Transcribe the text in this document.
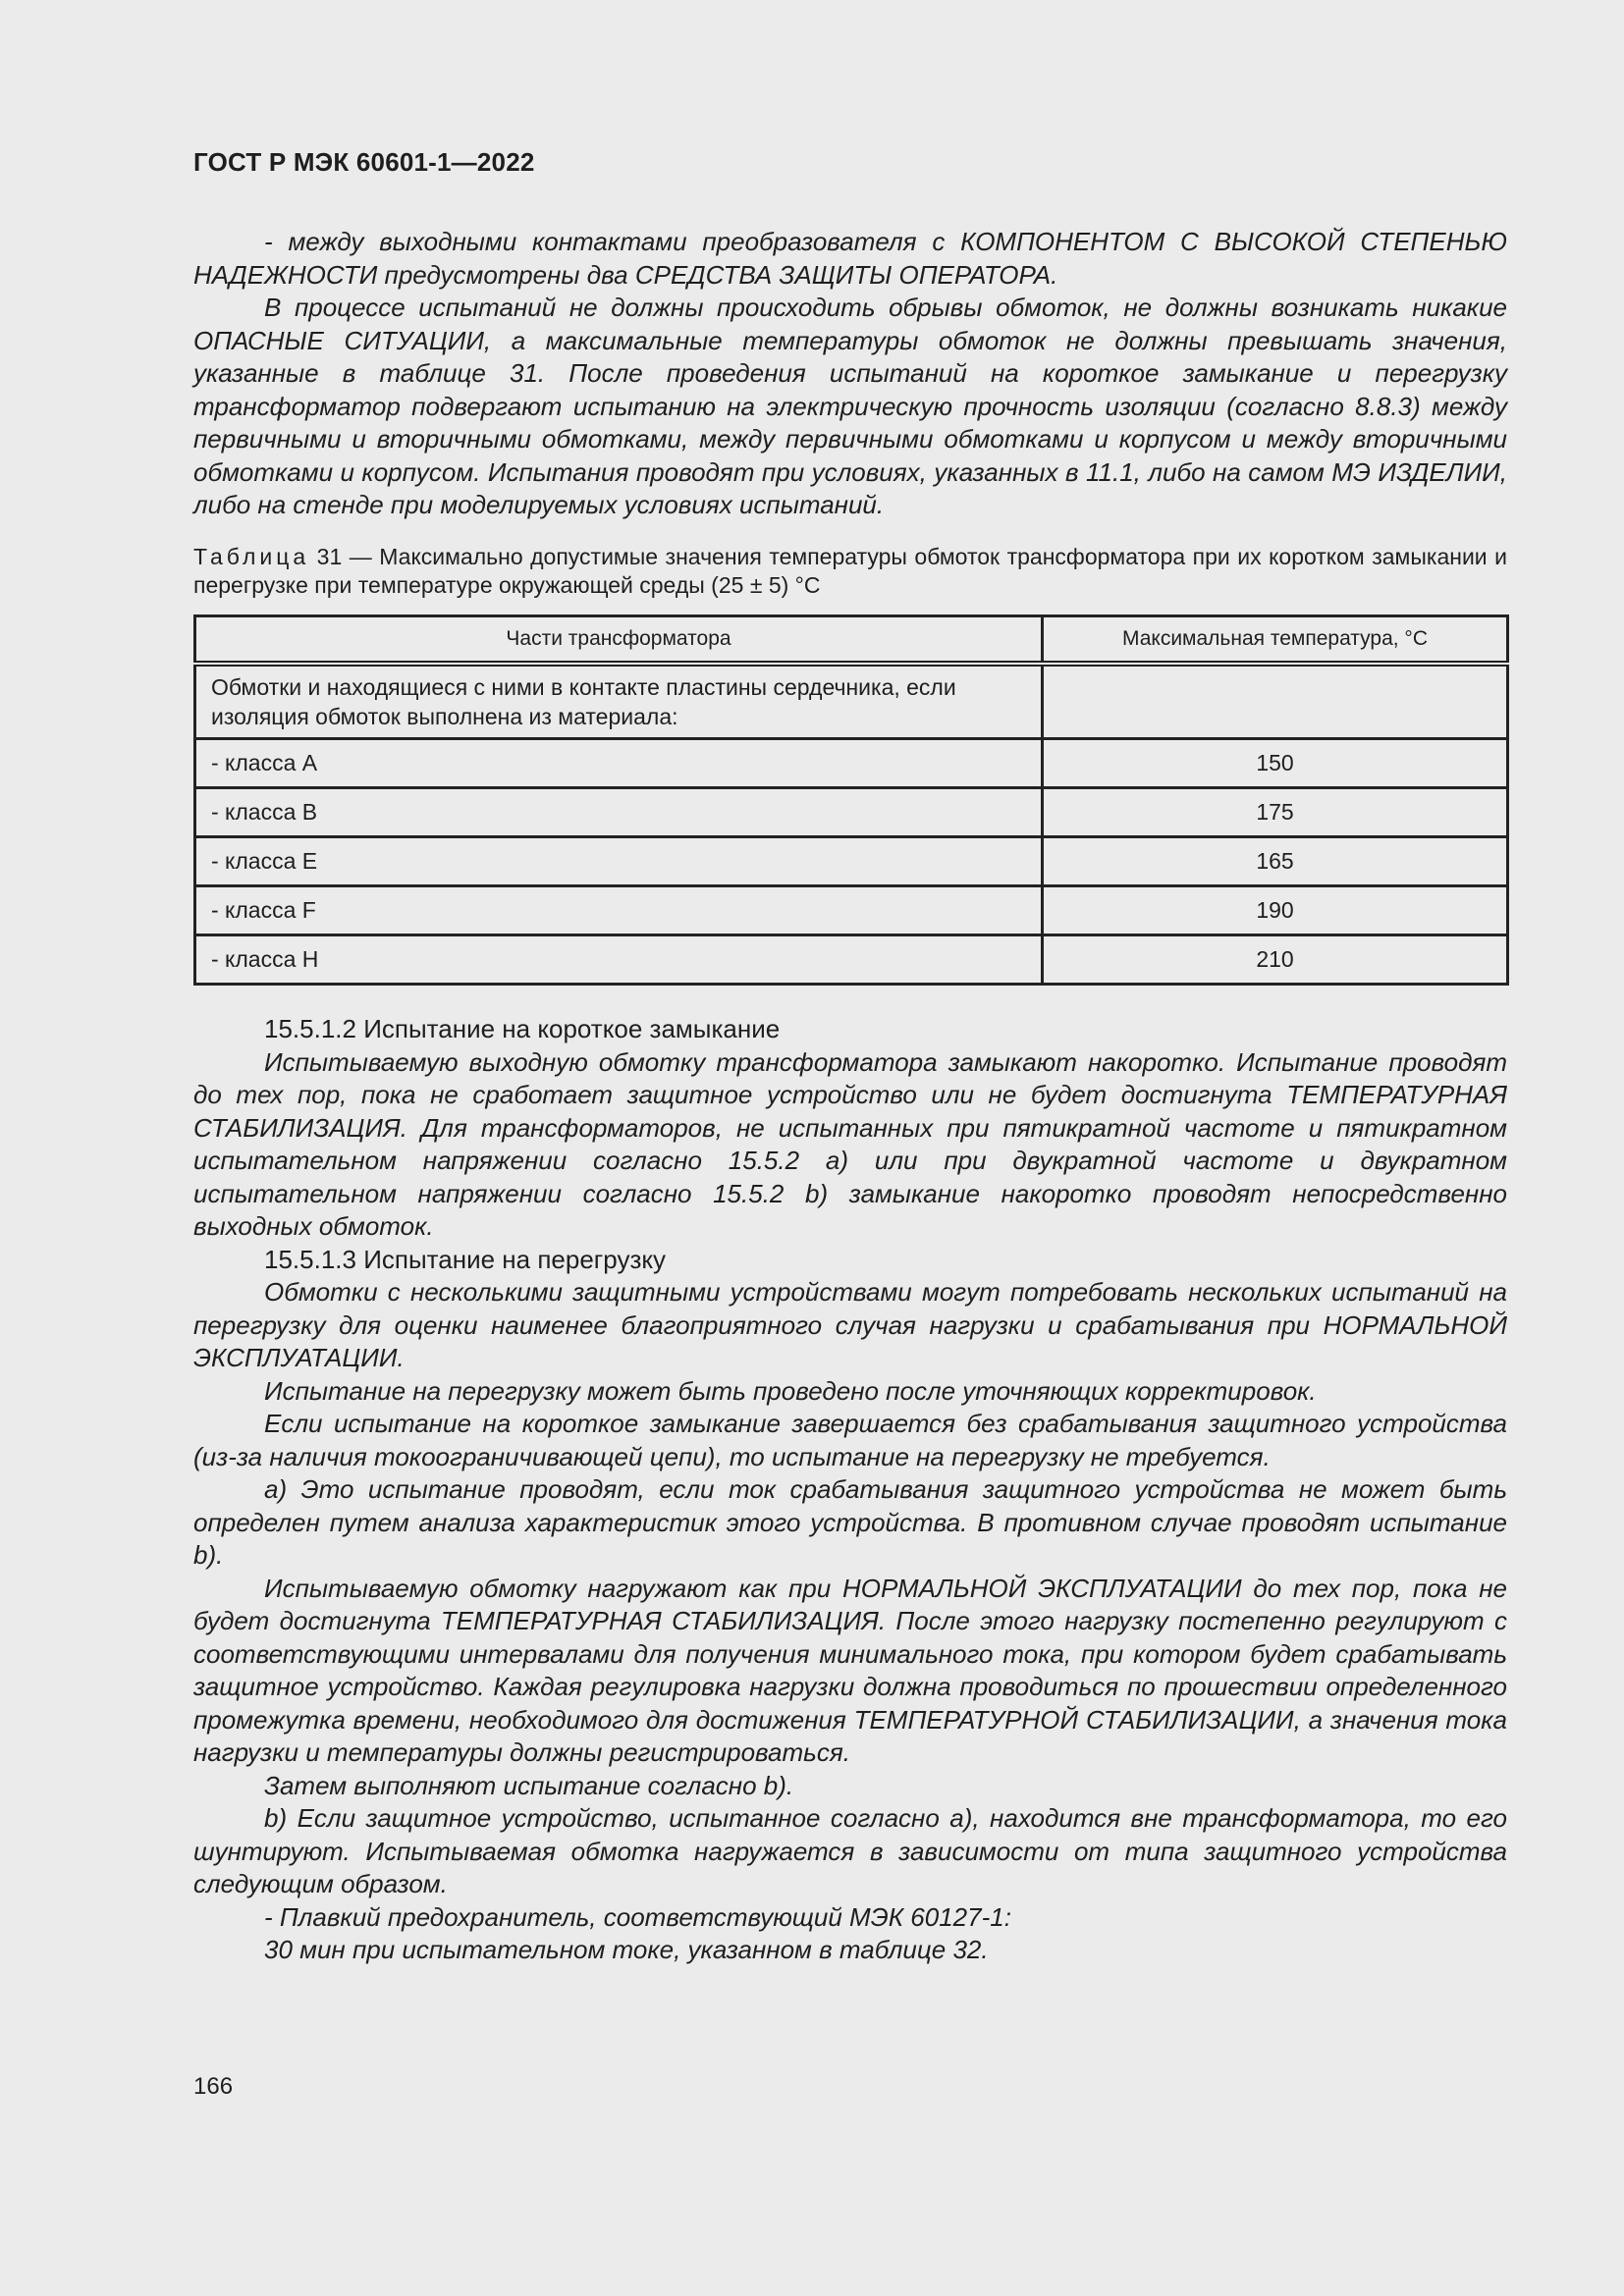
ГОСТ Р МЭК 60601-1—2022

- между выходными контактами преобразователя с КОМПОНЕНТОМ С ВЫСОКОЙ СТЕПЕНЬЮ НАДЕЖНОСТИ предусмотрены два СРЕДСТВА ЗАЩИТЫ ОПЕРАТОРА.

В процессе испытаний не должны происходить обрывы обмоток, не должны возникать никакие ОПАСНЫЕ СИТУАЦИИ, а максимальные температуры обмоток не должны превышать значения, указанные в таблице 31. После проведения испытаний на короткое замыкание и перегрузку трансформатор подвергают испытанию на электрическую прочность изоляции (согласно 8.8.3) между первичными и вторичными обмотками, между первичными обмотками и корпусом и между вторичными обмотками и корпусом. Испытания проводят при условиях, указанных в 11.1, либо на самом МЭ ИЗДЕЛИИ, либо на стенде при моделируемых условиях испытаний.

Таблица 31 — Максимально допустимые значения температуры обмоток трансформатора при их коротком замыкании и перегрузке при температуре окружающей среды (25 ± 5) °С
Части трансформатора	Максимальная температура, °С
Обмотки и находящиеся с ними в контакте пластины сердечника, если изоляция обмоток выполнена из материала:	
- класса А	150
- класса В	175
- класса Е	165
- класса F	190
- класса Н	210

15.5.1.2 Испытание на короткое замыкание

Испытываемую выходную обмотку трансформатора замыкают накоротко. Испытание проводят до тех пор, пока не сработает защитное устройство или не будет достигнута ТЕМПЕРАТУРНАЯ СТАБИЛИЗАЦИЯ. Для трансформаторов, не испытанных при пятикратной частоте и пятикратном испытательном напряжении согласно 15.5.2 a) или при двукратной частоте и двукратном испытательном напряжении согласно 15.5.2 b) замыкание накоротко проводят непосредственно выходных обмоток.

15.5.1.3 Испытание на перегрузку

Обмотки с несколькими защитными устройствами могут потребовать нескольких испытаний на перегрузку для оценки наименее благоприятного случая нагрузки и срабатывания при НОРМАЛЬНОЙ ЭКСПЛУАТАЦИИ.

Испытание на перегрузку может быть проведено после уточняющих корректировок.

Если испытание на короткое замыкание завершается без срабатывания защитного устройства (из-за наличия токоограничивающей цепи), то испытание на перегрузку не требуется.

a) Это испытание проводят, если ток срабатывания защитного устройства не может быть определен путем анализа характеристик этого устройства. В противном случае проводят испытание b).

Испытываемую обмотку нагружают как при НОРМАЛЬНОЙ ЭКСПЛУАТАЦИИ до тех пор, пока не будет достигнута ТЕМПЕРАТУРНАЯ СТАБИЛИЗАЦИЯ. После этого нагрузку постепенно регулируют с соответствующими интервалами для получения минимального тока, при котором будет срабатывать защитное устройство. Каждая регулировка нагрузки должна проводиться по прошествии определенного промежутка времени, необходимого для достижения ТЕМПЕРАТУРНОЙ СТАБИЛИЗАЦИИ, а значения тока нагрузки и температуры должны регистрироваться.

Затем выполняют испытание согласно b).

b) Если защитное устройство, испытанное согласно a), находится вне трансформатора, то его шунтируют. Испытываемая обмотка нагружается в зависимости от типа защитного устройства следующим образом.

- Плавкий предохранитель, соответствующий МЭК 60127-1:

30 мин при испытательном токе, указанном в таблице 32.

166
